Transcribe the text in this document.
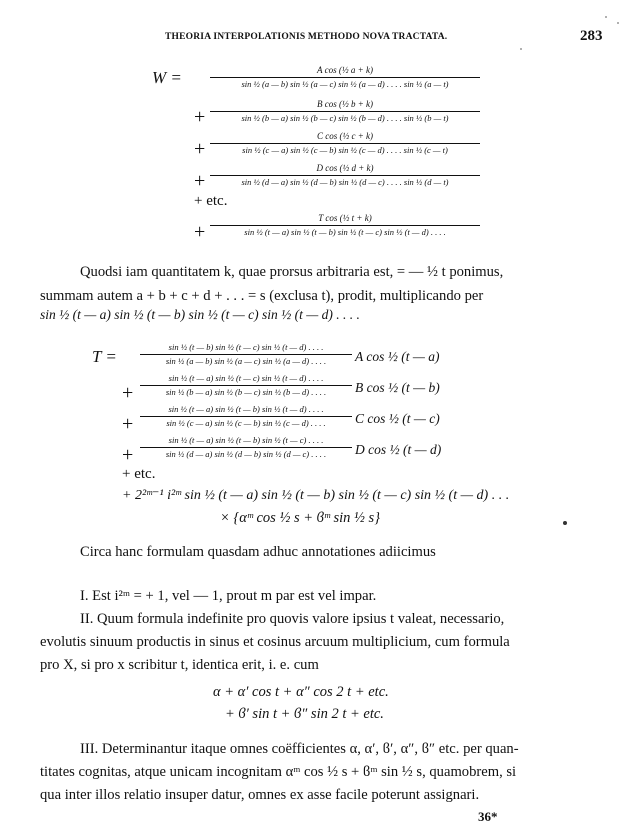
THEORIA INTERPOLATIONIS METHODO NOVA TRACTATA.	283
W =	A cos (½ a + k)
sin ½ (a — b) sin ½ (a — c) sin ½ (a — d) . . . . sin ½ (a — t)
+
B cos (½ b + k)
sin ½ (b — a) sin ½ (b — c) sin ½ (b — d) . . . . sin ½ (b — t)
+
C cos (½ c + k)
sin ½ (c — a) sin ½ (c — b) sin ½ (c — d) . . . . sin ½ (c — t)
+
D cos (½ d + k)
sin ½ (d — a) sin ½ (d — b) sin ½ (d — c) . . . . sin ½ (d — t)
+ etc.
+
T cos (½ t + k)
sin ½ (t — a) sin ½ (t — b) sin ½ (t — c) sin ½ (t — d) . . . .
Quodsi iam quantitatem k, quae prorsus arbitraria est, = — ½ t ponimus,
summam autem a + b + c + d + . . . = s (exclusa t), prodit, multiplicando per
sin ½ (t — a) sin ½ (t — b) sin ½ (t — c) sin ½ (t — d) . . . .
T =	sin ½ (t — b) sin ½ (t — c) sin ½ (t — d) . . . .
sin ½ (a — b) sin ½ (a — c) sin ½ (a — d) . . . .	A cos ½ (t — a)
+
sin ½ (t — a) sin ½ (t — c) sin ½ (t — d) . . . .
sin ½ (b — a) sin ½ (b — c) sin ½ (b — d) . . . .	B cos ½ (t — b)
+
sin ½ (t — a) sin ½ (t — b) sin ½ (t — d) . . . .
sin ½ (c — a) sin ½ (c — b) sin ½ (c — d) . . . .	C cos ½ (t — c)
+
sin ½ (t — a) sin ½ (t — b) sin ½ (t — c) . . . .
sin ½ (d — a) sin ½ (d — b) sin ½ (d — c) . . . .	D cos ½ (t — d)
+ etc.
+ 2²ᵐ⁻¹ i²ᵐ sin ½ (t — a) sin ½ (t — b) sin ½ (t — c) sin ½ (t — d) . . .
× {αᵐ cos ½ s + ϐᵐ sin ½ s}
Circa hanc formulam quasdam adhuc annotationes adiicimus
I. Est i²ᵐ = + 1, vel — 1, prout m par est vel impar.
II. Quum formula indefinite pro quovis valore ipsius t valeat, necessario,
evolutis sinuum productis in sinus et cosinus arcuum multiplicium, cum formula
pro X, si pro x scribitur t, identica erit, i. e. cum
α + α′ cos t + α″ cos 2 t + etc.
+ ϐ′ sin t + ϐ″ sin 2 t + etc.
III. Determinantur itaque omnes coëfficientes α, α′, ϐ′, α″, ϐ″ etc. per quan-
titates cognitas, atque unicam incognitam αᵐ cos ½ s + ϐᵐ sin ½ s, quamobrem, si
qua inter illos relatio insuper datur, omnes ex asse facile poterunt assignari.
36*
